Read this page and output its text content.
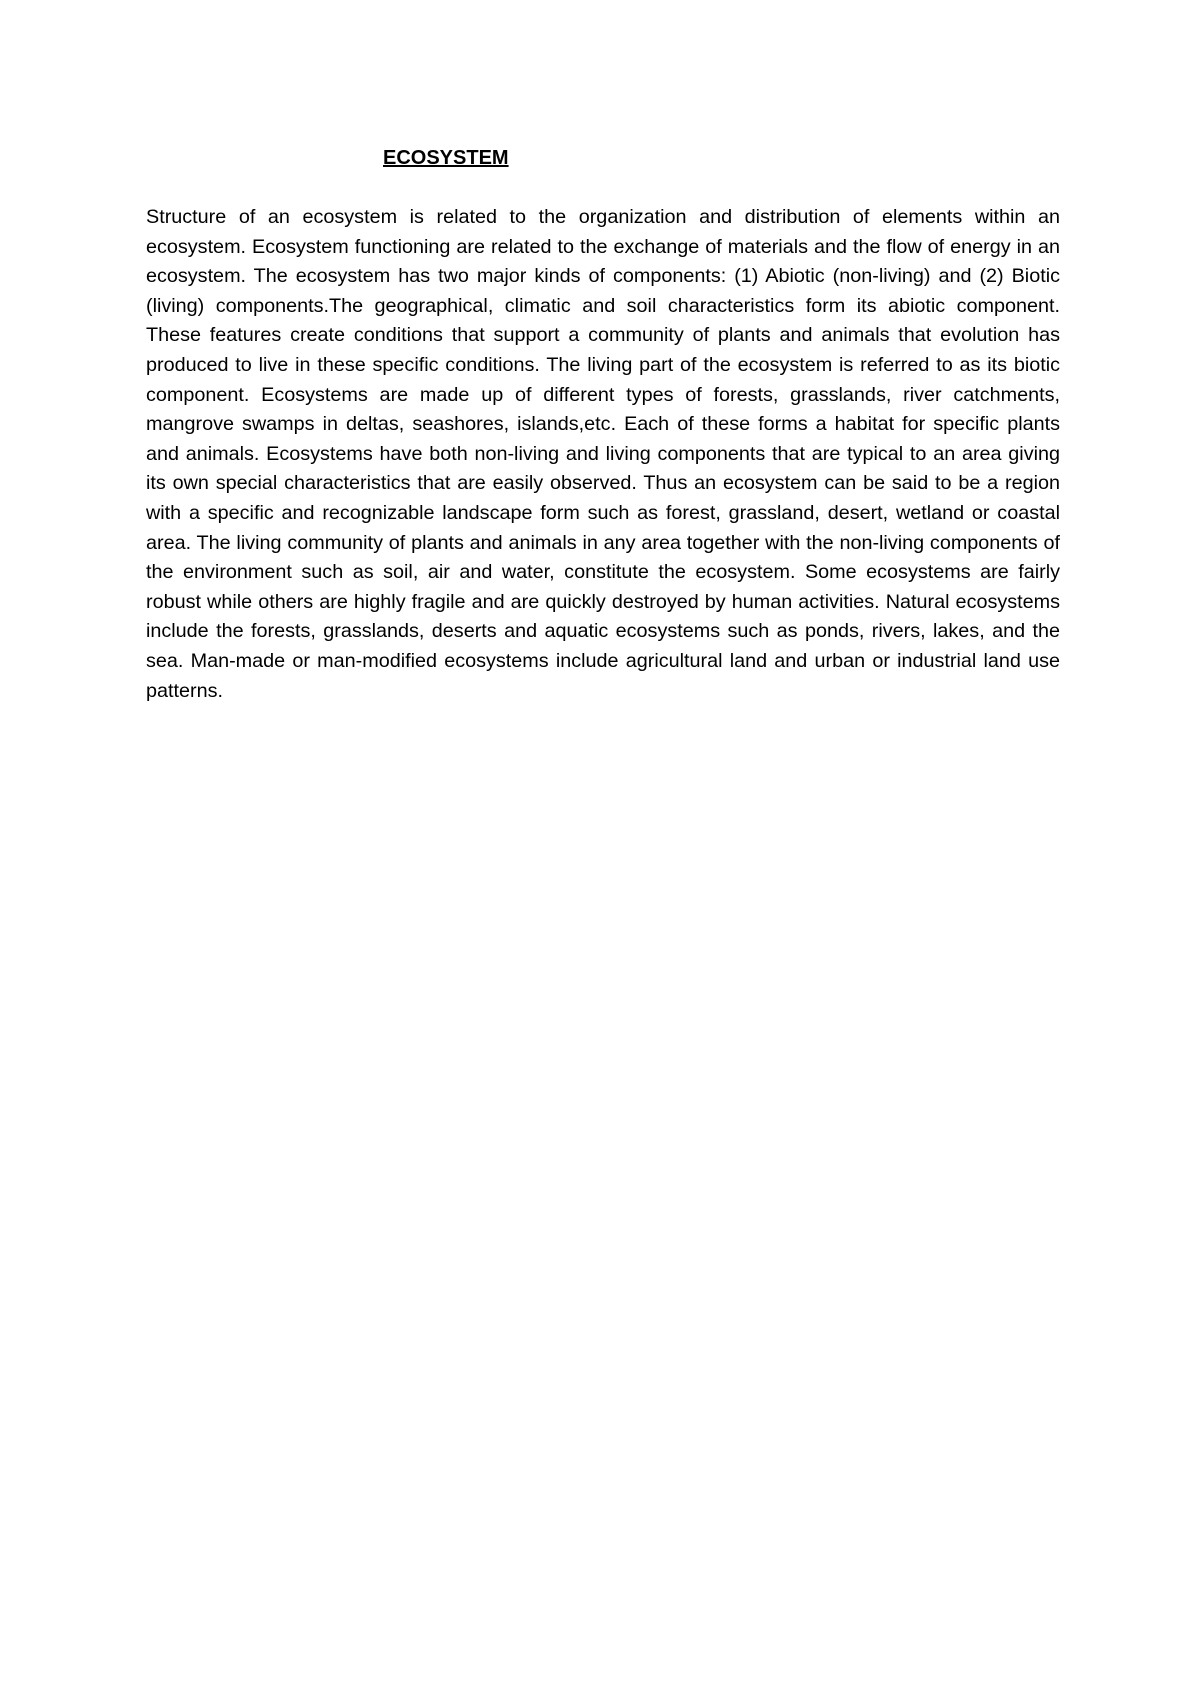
ECOSYSTEM

Structure of an ecosystem is related to the organization and distribution of elements within an ecosystem. Ecosystem functioning are related to the exchange of materials and the flow of energy in an ecosystem. The ecosystem has two major kinds of components: (1) Abiotic (non-living) and (2) Biotic (living) components.The geographical, climatic and soil characteristics form its abiotic component. These features create conditions that support a community of plants and animals that evolution has produced to live in these specific conditions. The living part of the ecosystem is referred to as its biotic component. Ecosystems are made up of different types of forests, grasslands, river catchments, mangrove swamps in deltas, seashores, islands,etc. Each of these forms a habitat for specific plants and animals. Ecosystems have both non-living and living components that are typical to an area giving its own special characteristics that are easily observed. Thus an ecosystem can be said to be a region with a specific and recognizable landscape form such as forest, grassland, desert, wetland or coastal area. The living community of plants and animals in any area together with the non-living components of the environment such as soil, air and water, constitute the ecosystem. Some ecosystems are fairly robust while others are highly fragile and are quickly destroyed by human activities. Natural ecosystems include the forests, grasslands, deserts and aquatic ecosystems such as ponds, rivers, lakes, and the sea. Man-made or man-modified ecosystems include agricultural land and urban or industrial land use patterns.
